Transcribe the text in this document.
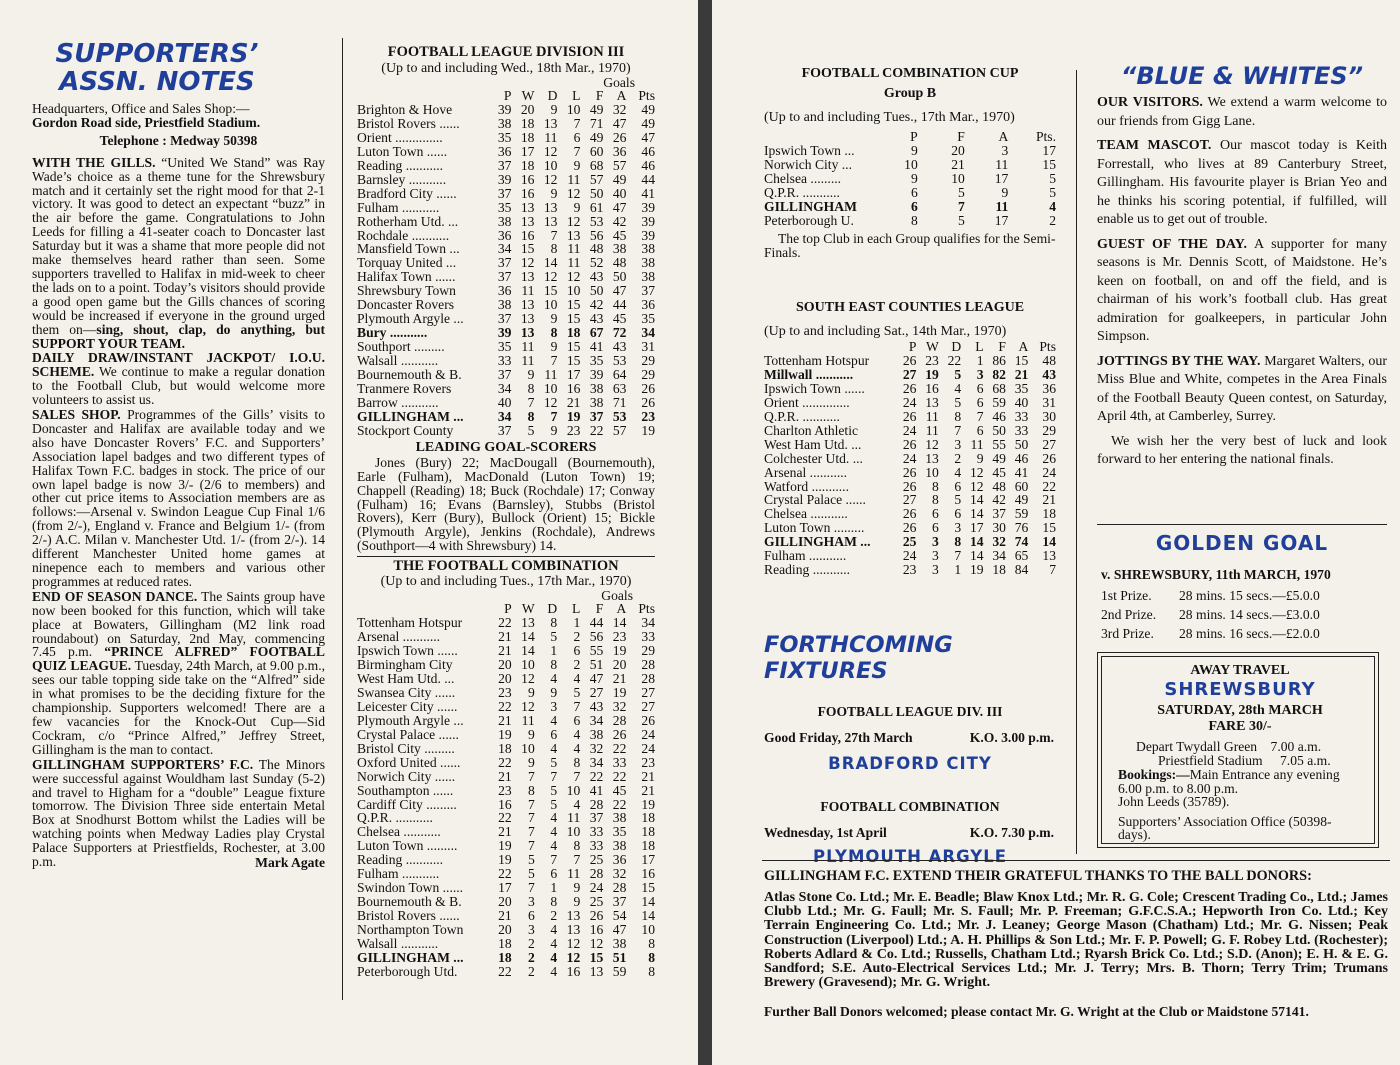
SUPPORTERS’ ASSN. NOTES

Headquarters, Office and Sales Shop:—

Gordon Road side, Priestfield Stadium.

Telephone : Medway 50398

WITH THE GILLS. “United We Stand” was Ray Wade’s choice as a theme tune for the Shrewsbury match and it certainly set the right mood for that 2-1 victory. It was good to detect an expectant “buzz” in the air before the game. Congratulations to John Leeds for filling a 41-seater coach to Doncaster last Saturday but it was a shame that more people did not make themselves heard rather than seen. Some supporters travelled to Halifax in mid-week to cheer the lads on to a point. Today’s visitors should provide a good open game but the Gills chances of scoring would be increased if everyone in the ground urged them on—sing, shout, clap, do anything, but SUPPORT YOUR TEAM.

DAILY DRAW/INSTANT JACKPOT/ I.O.U. SCHEME. We continue to make a regular donation to the Football Club, but would welcome more volunteers to assist us.

SALES SHOP. Programmes of the Gills’ visits to Doncaster and Halifax are available today and we also have Doncaster Rovers’ F.C. and Supporters’ Association lapel badges and two different types of Halifax Town F.C. badges in stock. The price of our own lapel badge is now 3/- (2/6 to members) and other cut price items to Association members are as follows:—Arsenal v. Swindon League Cup Final 1/6 (from 2/-), England v. France and Belgium 1/- (from 2/-) A.C. Milan v. Manchester Utd. 1/- (from 2/-). 14 different Manchester United home games at ninepence each to members and various other programmes at reduced rates.

END OF SEASON DANCE. The Saints group have now been booked for this function, which will take place at Bowaters, Gillingham (M2 link road roundabout) on Saturday, 2nd May, commencing 7.45 p.m. “PRINCE ALFRED” FOOTBALL QUIZ LEAGUE. Tuesday, 24th March, at 9.00 p.m., sees our table topping side take on the “Alfred” side in what promises to be the deciding fixture for the championship. Supporters welcomed! There are a few vacancies for the Knock-Out Cup—Sid Cockram, c/o “Prince Alfred,” Jeffrey Street, Gillingham is the man to contact.

GILLINGHAM SUPPORTERS’ F.C. The Minors were successful against Wouldham last Sunday (5-2) and travel to Higham for a “double” League fixture tomorrow. The Division Three side entertain Metal Box at Snodhurst Bottom whilst the Ladies will be watching points when Medway Ladies play Crystal Palace Supporters at Priestfields, Rochester, at 3.00 p.m.	Mark Agate

FOOTBALL LEAGUE DIVISION III
(Up to and including Wed., 18th Mar., 1970)
Goals
	P	W	D	L	F	A	Pts
Brighton & Hove	39	20	9	10	49	32	49
Bristol Rovers ......	38	18	13	7	71	47	49
Orient ..............	35	18	11	6	49	26	47
Luton Town ......	36	17	12	7	60	36	46
Reading ...........	37	18	10	9	68	57	46
Barnsley ...........	39	16	12	11	57	49	44
Bradford City ......	37	16	9	12	50	40	41
Fulham ...........	35	13	13	9	61	47	39
Rotherham Utd. ...	38	13	13	12	53	42	39
Rochdale ...........	36	16	7	13	56	45	39
Mansfield Town ...	34	15	8	11	48	38	38
Torquay United ...	37	12	14	11	52	48	38
Halifax Town ......	37	13	12	12	43	50	38
Shrewsbury Town	36	11	15	10	50	47	37
Doncaster Rovers	38	13	10	15	42	44	36
Plymouth Argyle ...	37	13	9	15	43	45	35
Bury ...........	39	13	8	18	67	72	34
Southport .........	35	11	9	15	41	43	31
Walsall ...........	33	11	7	15	35	53	29
Bournemouth & B.	37	9	11	17	39	64	29
Tranmere Rovers	34	8	10	16	38	63	26
Barrow ...........	40	7	12	21	38	71	26
GILLINGHAM ...	34	8	7	19	37	53	23
Stockport County	37	5	9	23	22	57	19
LEADING GOAL-SCORERS

Jones (Bury) 22; MacDougall (Bournemouth), Earle (Fulham), MacDonald (Luton Town) 19; Chappell (Reading) 18; Buck (Rochdale) 17; Conway (Fulham) 16; Evans (Barnsley), Stubbs (Bristol Rovers), Kerr (Bury), Bullock (Orient) 15; Bickle (Plymouth Argyle), Jenkins (Rochdale), Andrews (Southport—4 with Shrewsbury) 14.

THE FOOTBALL COMBINATION
(Up to and including Tues., 17th Mar., 1970)
Goals
	P	W	D	L	F	A	Pts
Tottenham Hotspur	22	13	8	1	44	14	34
Arsenal ...........	21	14	5	2	56	23	33
Ipswich Town ......	21	14	1	6	55	19	29
Birmingham City	20	10	8	2	51	20	28
West Ham Utd. ...	20	12	4	4	47	21	28
Swansea City ......	23	9	9	5	27	19	27
Leicester City ......	22	12	3	7	43	32	27
Plymouth Argyle ...	21	11	4	6	34	28	26
Crystal Palace ......	19	9	6	4	38	26	24
Bristol City .........	18	10	4	4	32	22	24
Oxford United ......	22	9	5	8	34	33	23
Norwich City ......	21	7	7	7	22	22	21
Southampton ......	23	8	5	10	41	45	21
Cardiff City .........	16	7	5	4	28	22	19
Q.P.R. ...........	22	7	4	11	37	38	18
Chelsea ...........	21	7	4	10	33	35	18
Luton Town .........	19	7	4	8	33	38	18
Reading ...........	19	5	7	7	25	36	17
Fulham ...........	22	5	6	11	28	32	16
Swindon Town ......	17	7	1	9	24	28	15
Bournemouth & B.	20	3	8	9	25	37	14
Bristol Rovers ......	21	6	2	13	26	54	14
Northampton Town	20	3	4	13	16	47	10
Walsall ...........	18	2	4	12	12	38	8
GILLINGHAM ...	18	2	4	12	15	51	8
Peterborough Utd.	22	2	4	16	13	59	8
FOOTBALL COMBINATION CUP
Group B
(Up to and including Tues., 17th Mar., 1970)
	P	F	A	Pts.
Ipswich Town ...	9	20	3	17
Norwich City ...	10	21	11	15
Chelsea .........	9	10	17	5
Q.P.R. ...........	6	5	9	5
GILLINGHAM	6	7	11	4
Peterborough U.	8	5	17	2

The top Club in each Group qualifies for the Semi-Finals.

SOUTH EAST COUNTIES LEAGUE
(Up to and including Sat., 14th Mar., 1970)
	P	W	D	L	F	A	Pts
Tottenham Hotspur	26	23	22	1	86	15	48
Millwall ...........	27	19	5	3	82	21	43
Ipswich Town ......	26	16	4	6	68	35	36
Orient ..............	24	13	5	6	59	40	31
Q.P.R. ...........	26	11	8	7	46	33	30
Charlton Athletic	24	11	7	6	50	33	29
West Ham Utd. ...	26	12	3	11	55	50	27
Colchester Utd. ...	24	13	2	9	49	46	26
Arsenal ...........	26	10	4	12	45	41	24
Watford ...........	26	8	6	12	48	60	22
Crystal Palace ......	27	8	5	14	42	49	21
Chelsea ...........	26	6	6	14	37	59	18
Luton Town .........	26	6	3	17	30	76	15
GILLINGHAM ...	25	3	8	14	32	74	14
Fulham ...........	24	3	7	14	34	65	13
Reading ...........	23	3	1	19	18	84	7
FORTHCOMING FIXTURES
FOOTBALL LEAGUE DIV. III
Good Friday, 27th March	K.O. 3.00 p.m.
BRADFORD CITY
FOOTBALL COMBINATION
Wednesday, 1st April	K.O. 7.30 p.m.
PLYMOUTH ARGYLE
“BLUE & WHITES”

OUR VISITORS. We extend a warm welcome to our friends from Gigg Lane.

TEAM MASCOT. Our mascot today is Keith Forrestall, who lives at 89 Canterbury Street, Gillingham. His favourite player is Brian Yeo and he thinks his scoring potential, if fulfilled, will enable us to get out of trouble.

GUEST OF THE DAY. A supporter for many seasons is Mr. Dennis Scott, of Maidstone. He’s keen on football, on and off the field, and is chairman of his work’s football club. Has great admiration for goalkeepers, in particular John Simpson.

JOTTINGS BY THE WAY. Margaret Walters, our Miss Blue and White, competes in the Area Finals of the Football Beauty Queen contest, on Saturday, April 4th, at Camberley, Surrey.

We wish her the very best of luck and look forward to her entering the national finals.

GOLDEN GOAL
v. SHREWSBURY, 11th MARCH, 1970
1st Prize. 28 mins. 15 secs.—£5.0.0
2nd Prize. 28 mins. 14 secs.—£3.0.0
3rd Prize. 28 mins. 16 secs.—£2.0.0
AWAY TRAVEL
SHREWSBURY
SATURDAY, 28th MARCH
FARE 30/-
Depart Twydall Green 7.00 a.m.
Priestfield Stadium 7.05 a.m.

Bookings:—Main Entrance any evening 6.00 p.m. to 8.00 p.m.

John Leeds (35789).

Supporters’ Association Office (50398-days).

GILLINGHAM F.C. EXTEND THEIR GRATEFUL THANKS TO THE BALL DONORS:

Atlas Stone Co. Ltd.; Mr. E. Beadle; Blaw Knox Ltd.; Mr. R. G. Cole; Crescent Trading Co., Ltd.; James Clubb Ltd.; Mr. G. Faull; Mr. S. Faull; Mr. P. Freeman; G.F.C.S.A.; Hepworth Iron Co. Ltd.; Key Terrain Engineering Co. Ltd.; Mr. J. Leaney; George Mason (Chatham) Ltd.; Mr. G. Nissen; Peak Construction (Liverpool) Ltd.; A. H. Phillips & Son Ltd.; Mr. F. P. Powell; G. F. Robey Ltd. (Rochester); Roberts Adlard & Co. Ltd.; Russells, Chatham Ltd.; Ryarsh Brick Co. Ltd.; S.D. (Anon); E. H. & E. G. Sandford; S.E. Auto-Electrical Services Ltd.; Mr. J. Terry; Mrs. B. Thorn; Terry Trim; Trumans Brewery (Gravesend); Mr. G. Wright.

Further Ball Donors welcomed; please contact Mr. G. Wright at the Club or Maidstone 57141.
